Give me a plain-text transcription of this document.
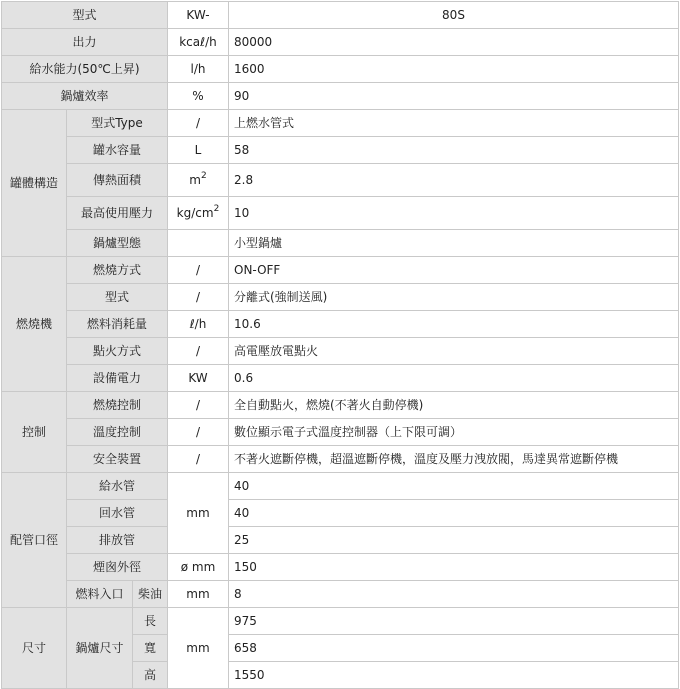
型式			KW-	80S
出力			kcaℓ/h	80000
給水能力(50℃上昇)			l/h	1600
鍋爐效率			%	90
罐體構造	型式Type		/	上燃水管式
	罐水容量		L	58
	傳熱面積		$m^2$	2.8
	最高使用壓力		$kg/cm^2$	10
	鍋爐型態			小型鍋爐
燃燒機	燃燒方式		/	ON-OFF
	型式		/	分離式(強制送風)
	燃料消耗量		ℓ/h	10.6
	點火方式		/	高電壓放電點火
	設備電力		KW	0.6
控制	燃燒控制		/	全自動點火，燃燒(不著火自動停機)
	溫度控制		/	數位顯示電子式溫度控制器（上下限可調）
	安全裝置		/	不著火遮斷停機，超溫遮斷停機，溫度及壓力洩放閥，馬達異常遮斷停機
配管口徑	給水管		mm	40
	回水管			40
	排放管			25
	煙囪外徑		ø mm	150
	燃料入口	柴油	mm	8
尺寸	鍋爐尺寸	長	mm	975
		寬		658
		高		1550
